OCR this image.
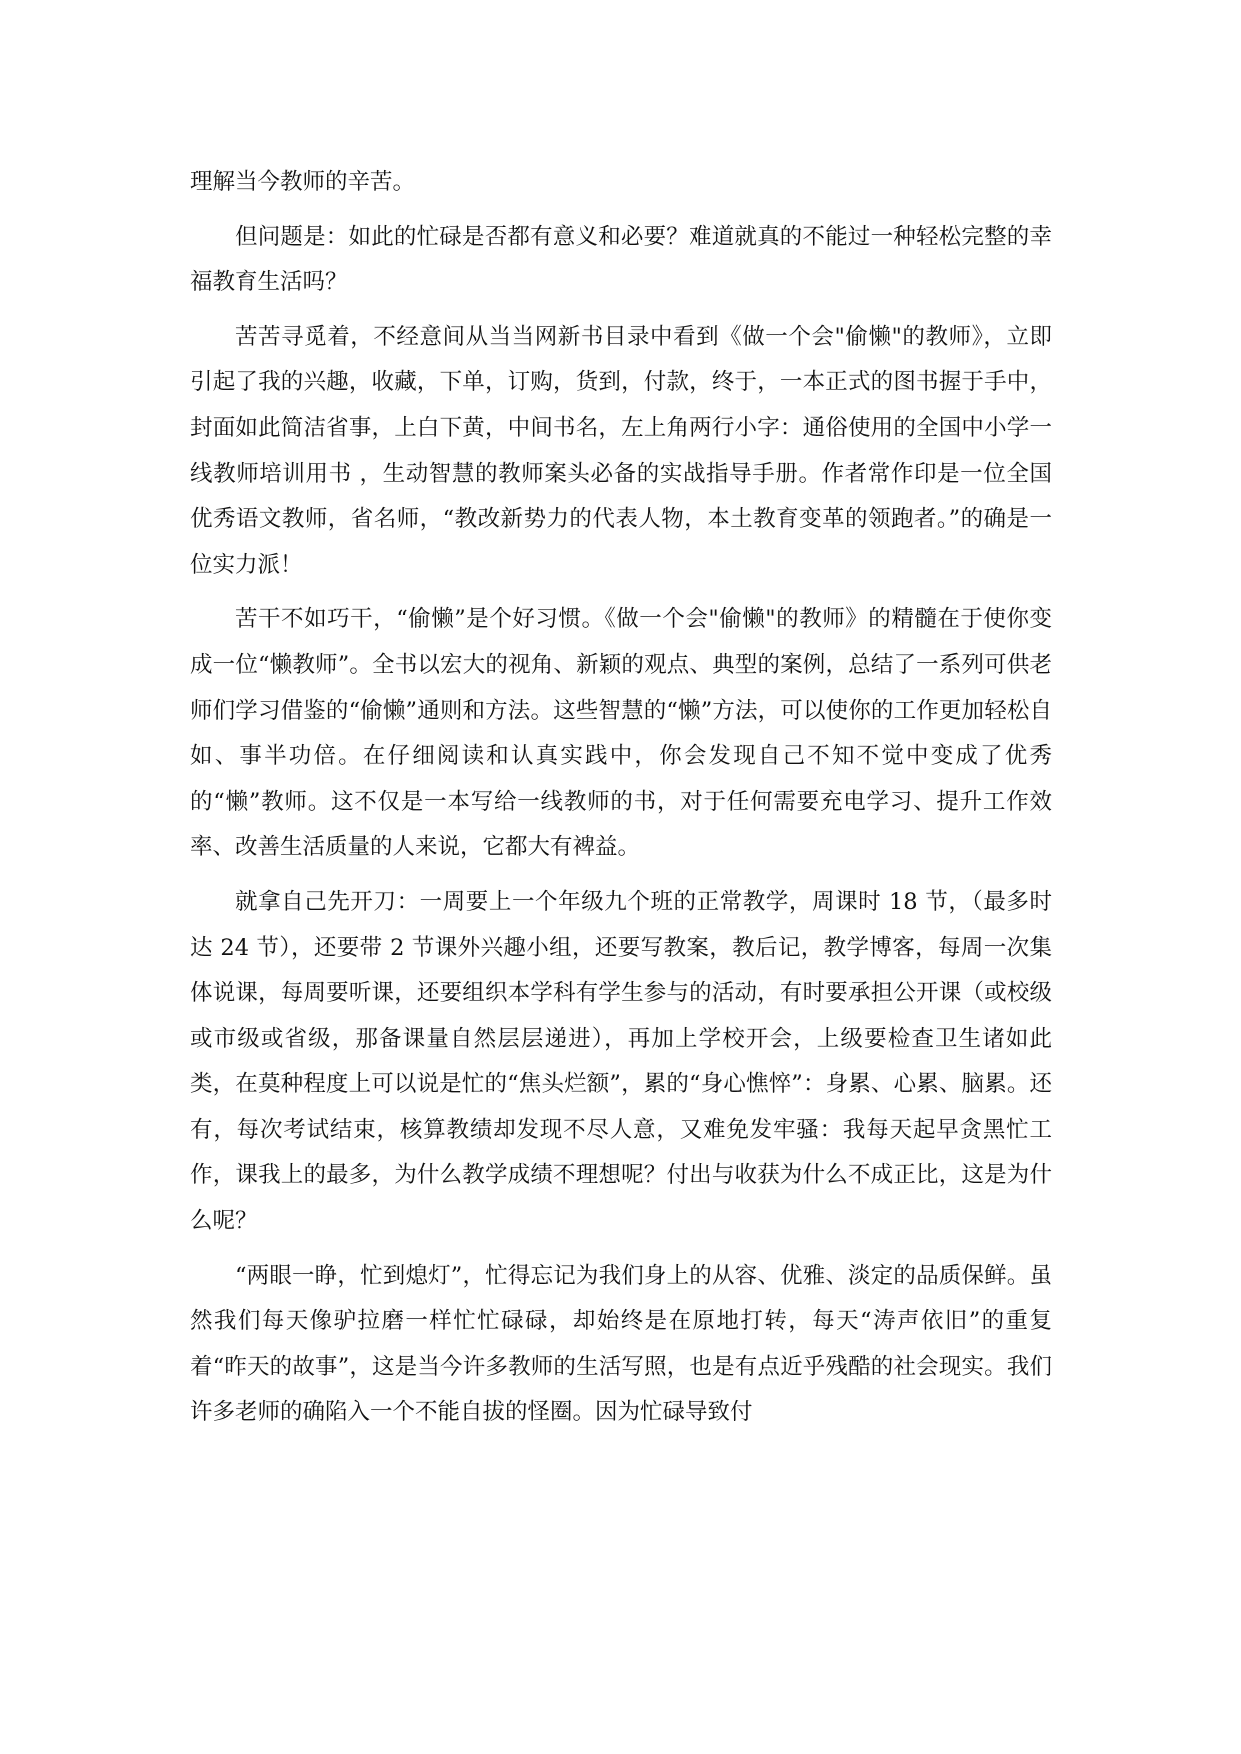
理解当今教师的辛苦。

但问题是：如此的忙碌是否都有意义和必要？难道就真的不能过一种轻松完整的幸福教育生活吗？

苦苦寻觅着，不经意间从当当网新书目录中看到《做一个会"偷懒"的教师》，立即引起了我的兴趣，收藏，下单，订购，货到，付款，终于，一本正式的图书握于手中，封面如此简洁省事，上白下黄，中间书名，左上角两行小字：通俗使用的全国中小学一线教师培训用书 ，生动智慧的教师案头必备的实战指导手册。作者常作印是一位全国优秀语文教师，省名师，“教改新势力的代表人物，本土教育变革的领跑者。”的确是一位实力派！

苦干不如巧干，“偷懒”是个好习惯。《做一个会"偷懒"的教师》的精髓在于使你变成一位“懒教师”。全书以宏大的视角、新颖的观点、典型的案例，总结了一系列可供老师们学习借鉴的“偷懒”通则和方法。这些智慧的“懒”方法，可以使你的工作更加轻松自如、事半功倍。在仔细阅读和认真实践中，你会发现自己不知不觉中变成了优秀的“懒”教师。这不仅是一本写给一线教师的书，对于任何需要充电学习、提升工作效率、改善生活质量的人来说，它都大有裨益。

就拿自己先开刀：一周要上一个年级九个班的正常教学，周课时 18 节，（最多时达 24 节），还要带 2 节课外兴趣小组，还要写教案，教后记，教学博客，每周一次集体说课，每周要听课，还要组织本学科有学生参与的活动，有时要承担公开课（或校级或市级或省级，那备课量自然层层递进），再加上学校开会，上级要检查卫生诸如此类，在莫种程度上可以说是忙的“焦头烂额”，累的“身心憔悴”：身累、心累、脑累。还有，每次考试结束，核算教绩却发现不尽人意，又难免发牢骚：我每天起早贪黑忙工作，课我上的最多，为什么教学成绩不理想呢？付出与收获为什么不成正比，这是为什么呢？

“两眼一睁，忙到熄灯”，忙得忘记为我们身上的从容、优雅、淡定的品质保鲜。虽然我们每天像驴拉磨一样忙忙碌碌，却始终是在原地打转，每天“涛声依旧”的重复着“昨天的故事”，这是当今许多教师的生活写照，也是有点近乎残酷的社会现实。我们许多老师的确陷入一个不能自拔的怪圈。因为忙碌导致付
